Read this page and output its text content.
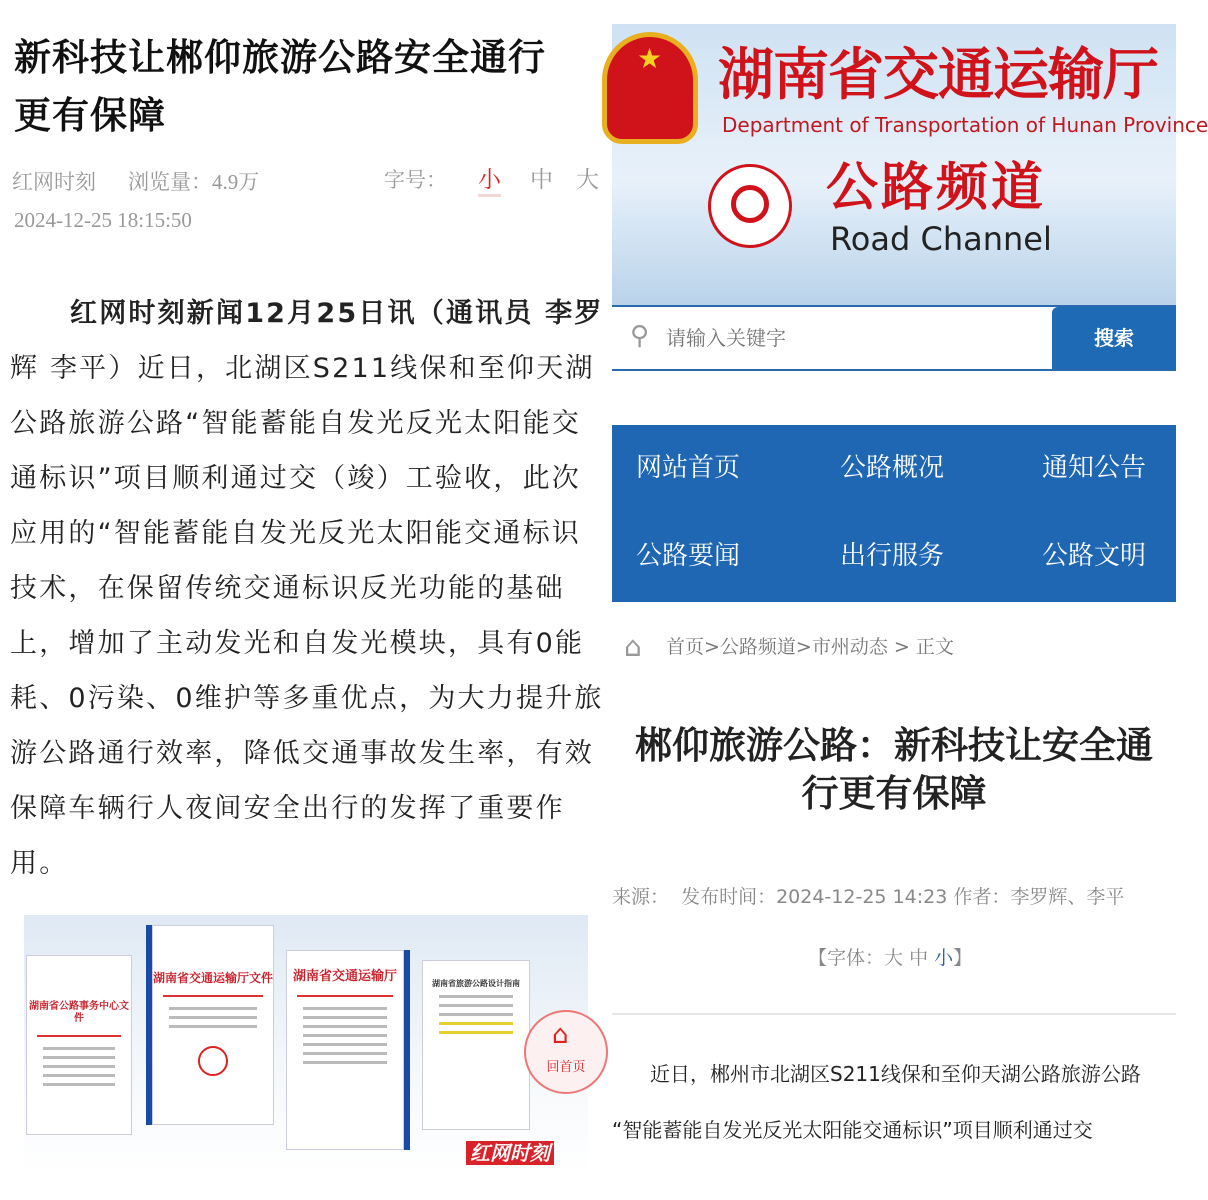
新科技让郴仰旅游公路安全通行
更有保障
红网时刻 浏览量：4.9万
2024-12-25 18:15:50
字号： 小 中 大
红网时刻新闻12月25日讯（通讯员 李罗
辉 李平）近日，北湖区S211线保和至仰天湖
公路旅游公路“智能蓄能自发光反光太阳能交
通标识”项目顺利通过交（竣）工验收，此次
应用的“智能蓄能自发光反光太阳能交通标识
技术，在保留传统交通标识反光功能的基础
上，增加了主动发光和自发光模块，具有0能
耗、0污染、0维护等多重优点，为大力提升旅
游公路通行效率，降低交通事故发生率，有效
保障车辆行人夜间安全出行的发挥了重要作
用。
湖南省公路事务中心文件
湖南省交通运输厅文件	湖南省交通运输厅	湖南省旅游公路设计指南
⌂
回首页
红网时刻
★ 湖南省交通运输厅
Department of Transportation of Hunan Province
公路频道
Road Channel
⚲
请输入关键字	搜索
网站首页	公路概况	通知公告
公路要闻	出行服务	公路文明
⌂ 首页>公路频道>市州动态 > 正文
郴仰旅游公路：新科技让安全通
行更有保障
来源：  发布时间：2024-12-25 14:23 作者：李罗辉、李平
【字体：大 中 小】
近日，郴州市北湖区S211线保和至仰天湖公路旅游公路
“智能蓄能自发光反光太阳能交通标识”项目顺利通过交
